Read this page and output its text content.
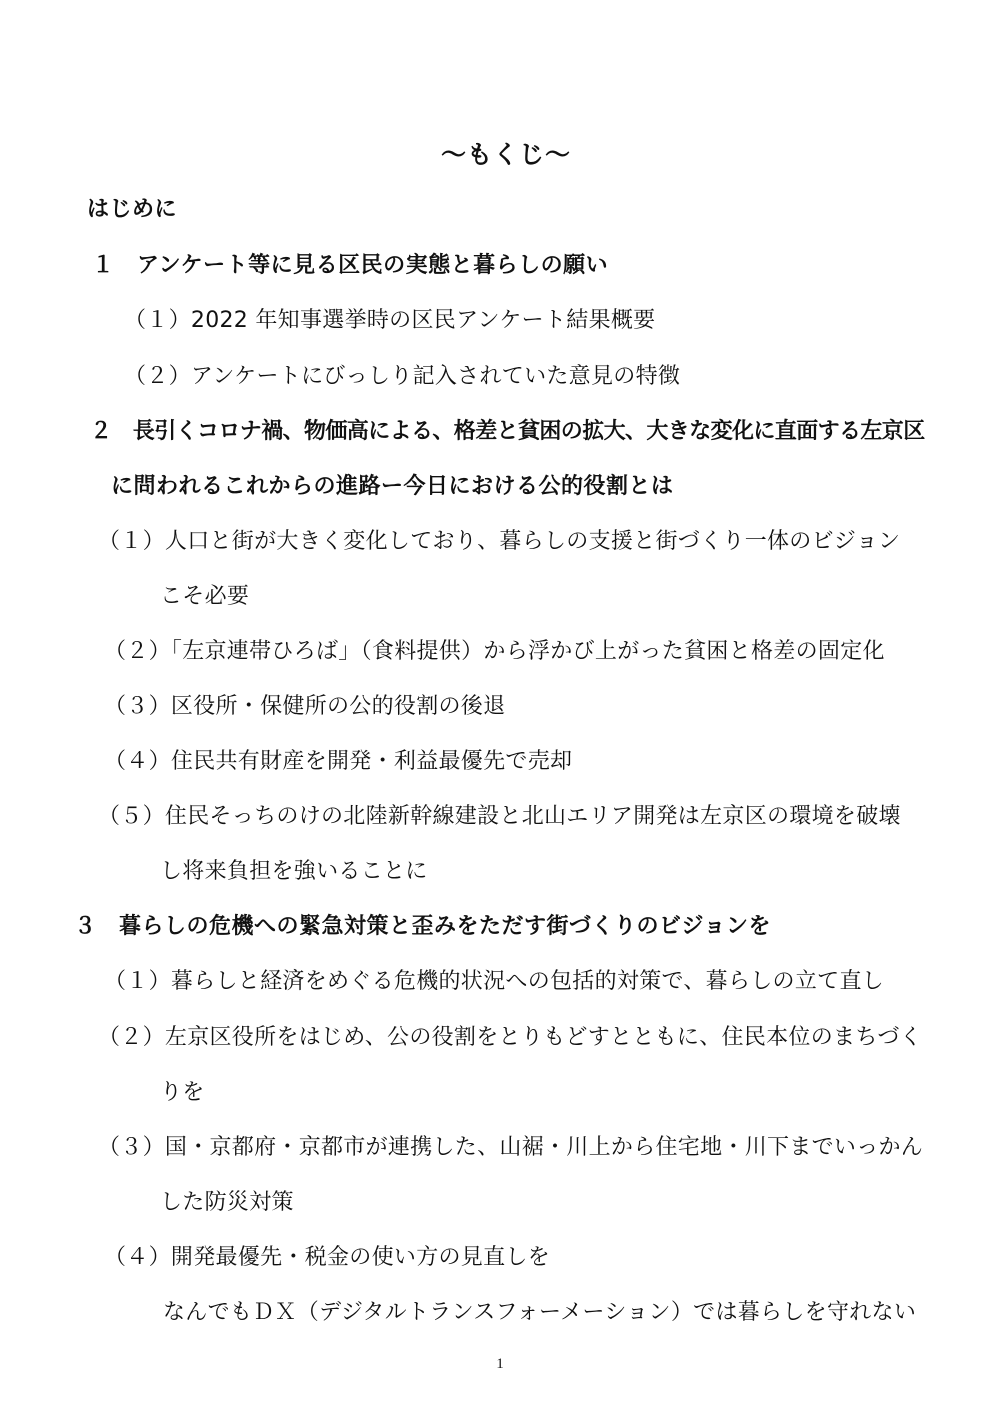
〜もくじ〜
はじめに
１　アンケート等に見る区民の実態と暮らしの願い
（１）2022 年知事選挙時の区民アンケート結果概要
（２）アンケートにびっしり記入されていた意見の特徴
２　長引くコロナ禍、物価高による、格差と貧困の拡大、大きな変化に直面する左京区
に問われるこれからの進路ー今日における公的役割とは
（１）人口と街が大きく変化しており、暮らしの支援と街づくり一体のビジョン
こそ必要
（２）「左京連帯ひろば」（食料提供）から浮かび上がった貧困と格差の固定化
（３）区役所・保健所の公的役割の後退
（４）住民共有財産を開発・利益最優先で売却
（５）住民そっちのけの北陸新幹線建設と北山エリア開発は左京区の環境を破壊
し将来負担を強いることに
３　暮らしの危機への緊急対策と歪みをただす街づくりのビジョンを
（１）暮らしと経済をめぐる危機的状況への包括的対策で、暮らしの立て直し
（２）左京区役所をはじめ、公の役割をとりもどすとともに、住民本位のまちづく
りを
（３）国・京都府・京都市が連携した、山裾・川上から住宅地・川下までいっかん
した防災対策
（４）開発最優先・税金の使い方の見直しを
なんでもＤＸ（デジタルトランスフォーメーション）では暮らしを守れない
1
